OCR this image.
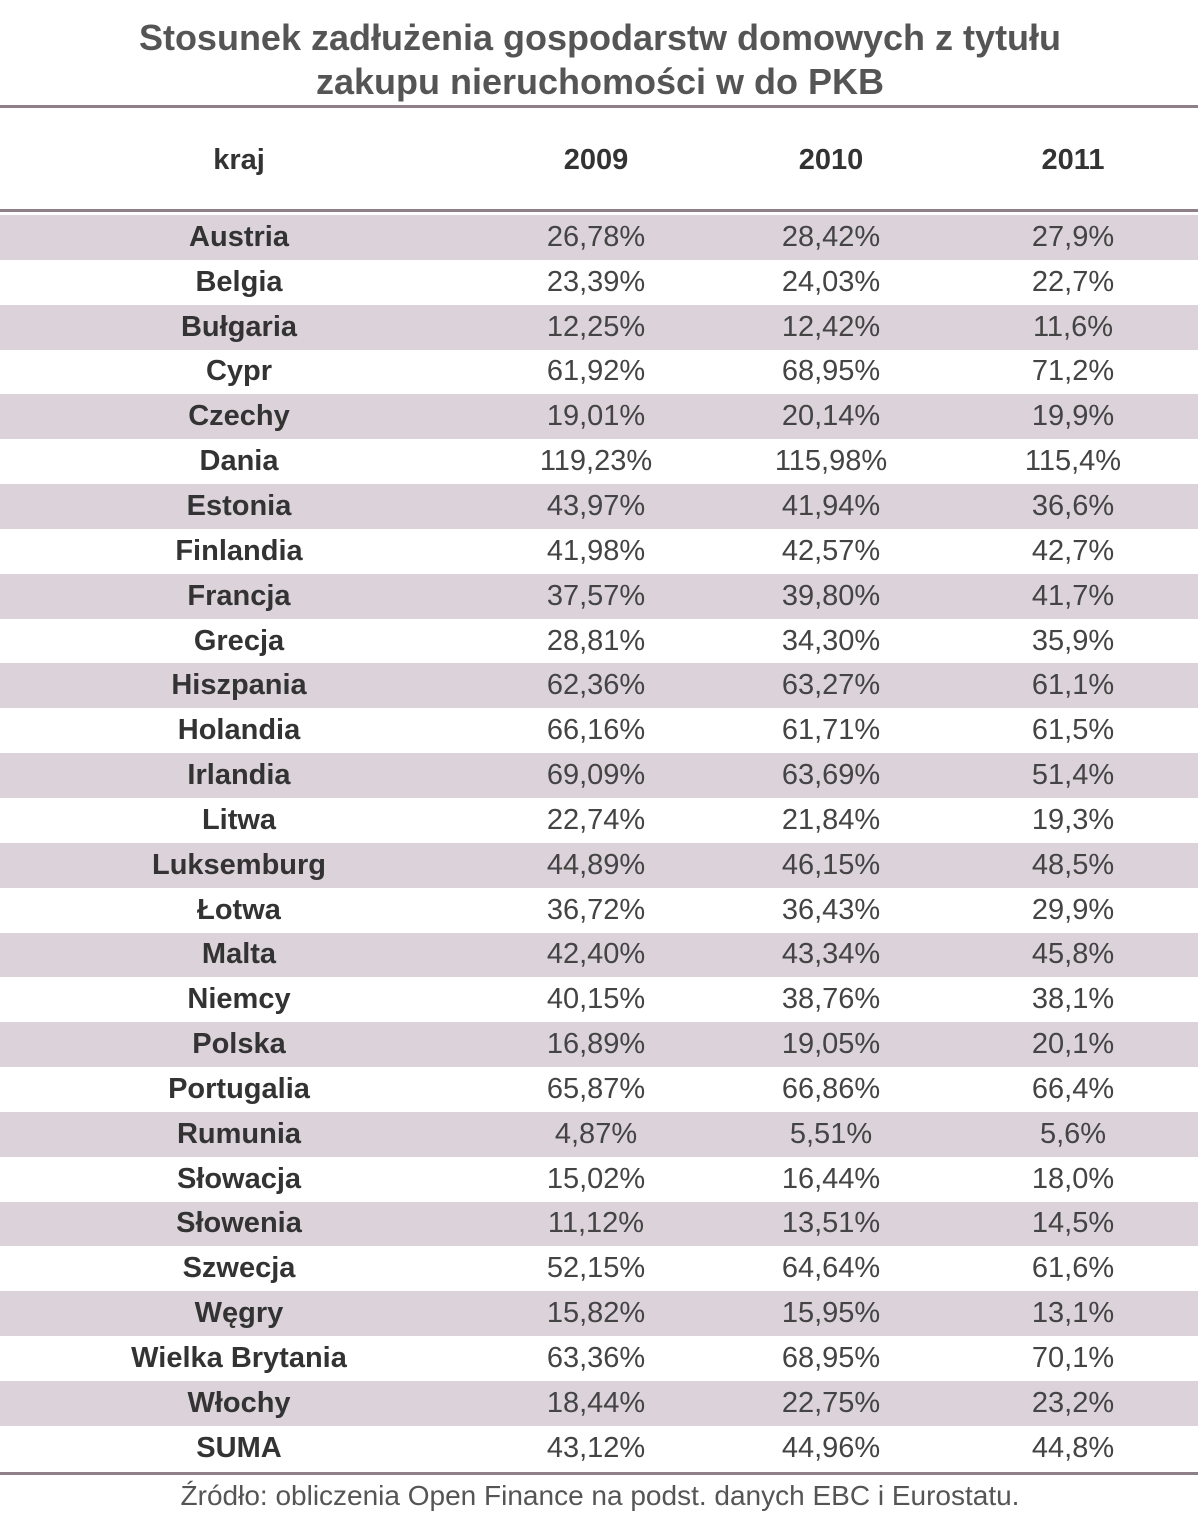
Stosunek zadłużenia gospodarstw domowych z tytułu
zakupu nieruchomości w do PKB
kraj	2009	2010	2011
Austria	26,78%	28,42%	27,9%
Belgia	23,39%	24,03%	22,7%
Bułgaria	12,25%	12,42%	11,6%
Cypr	61,92%	68,95%	71,2%
Czechy	19,01%	20,14%	19,9%
Dania	119,23%	115,98%	115,4%
Estonia	43,97%	41,94%	36,6%
Finlandia	41,98%	42,57%	42,7%
Francja	37,57%	39,80%	41,7%
Grecja	28,81%	34,30%	35,9%
Hiszpania	62,36%	63,27%	61,1%
Holandia	66,16%	61,71%	61,5%
Irlandia	69,09%	63,69%	51,4%
Litwa	22,74%	21,84%	19,3%
Luksemburg	44,89%	46,15%	48,5%
Łotwa	36,72%	36,43%	29,9%
Malta	42,40%	43,34%	45,8%
Niemcy	40,15%	38,76%	38,1%
Polska	16,89%	19,05%	20,1%
Portugalia	65,87%	66,86%	66,4%
Rumunia	4,87%	5,51%	5,6%
Słowacja	15,02%	16,44%	18,0%
Słowenia	11,12%	13,51%	14,5%
Szwecja	52,15%	64,64%	61,6%
Węgry	15,82%	15,95%	13,1%
Wielka Brytania	63,36%	68,95%	70,1%
Włochy	18,44%	22,75%	23,2%
SUMA	43,12%	44,96%	44,8%
Źródło: obliczenia Open Finance na podst. danych EBC i Eurostatu.
